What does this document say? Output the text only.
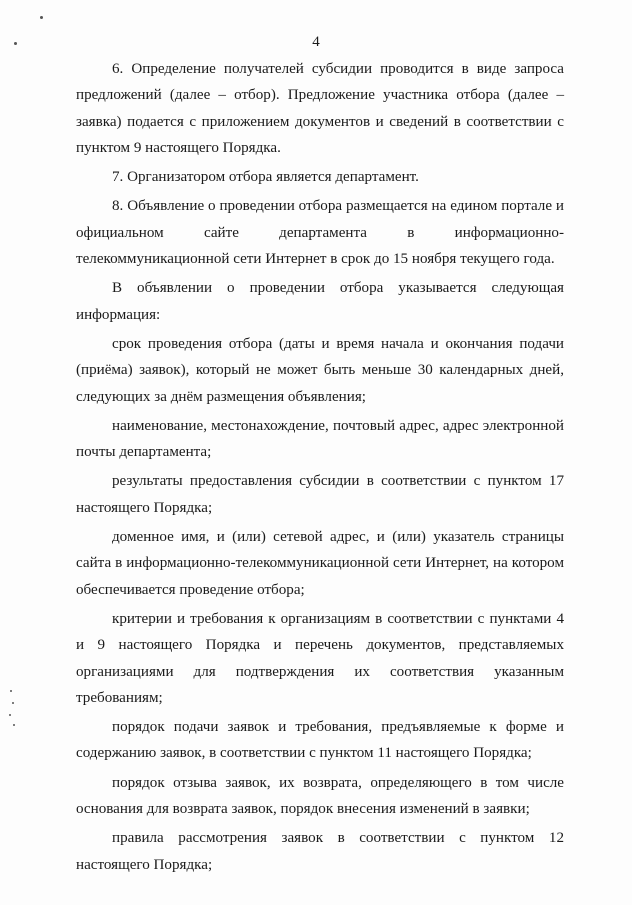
4

6. Определение получателей субсидии проводится в виде запроса предложений (далее – отбор). Предложение участника отбора (далее – заявка) подается с приложением документов и сведений в соответствии с пунктом 9 настоящего Порядка.

7. Организатором отбора является департамент.

8. Объявление о проведении отбора размещается на едином портале и официальном сайте департамента в информационно-телекоммуникационной сети Интернет в срок до 15 ноября текущего года.

В объявлении о проведении отбора указывается следующая информация:

срок проведения отбора (даты и время начала и окончания подачи (приёма) заявок), который не может быть меньше 30 календарных дней, следующих за днём размещения объявления;

наименование, местонахождение, почтовый адрес, адрес электронной почты департамента;

результаты предоставления субсидии в соответствии с пунктом 17 настоящего Порядка;

доменное имя, и (или) сетевой адрес, и (или) указатель страницы сайта в информационно-телекоммуникационной сети Интернет, на котором обеспечивается проведение отбора;

критерии и требования к организациям в соответствии с пунктами 4 и 9 настоящего Порядка и перечень документов, представляемых организациями для подтверждения их соответствия указанным требованиям;

порядок подачи заявок и требования, предъявляемые к форме и содержанию заявок, в соответствии с пунктом 11 настоящего Порядка;

порядок отзыва заявок, их возврата, определяющего в том числе основания для возврата заявок, порядок внесения изменений в заявки;

правила рассмотрения заявок в соответствии с пунктом 12 настоящего Порядка;
